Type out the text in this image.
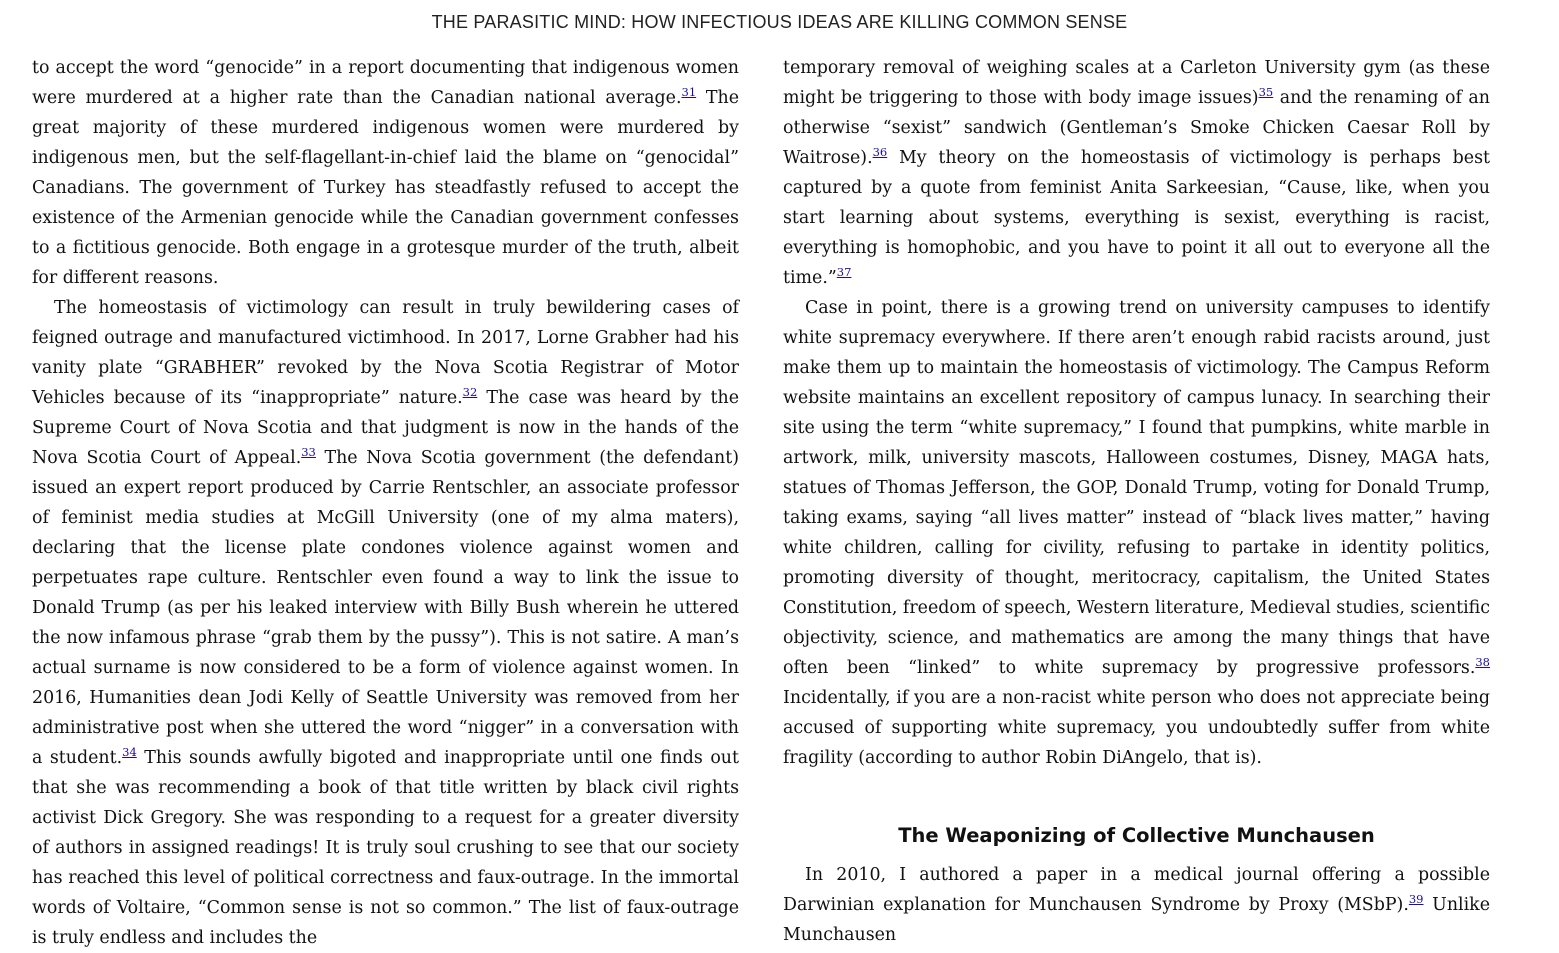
THE PARASITIC MIND: HOW INFECTIOUS IDEAS ARE KILLING COMMON SENSE

to accept the word “genocide” in a report documenting that indigenous women were murdered at a higher rate than the Canadian national average.$^{31}$ The great majority of these murdered indigenous women were murdered by indigenous men, but the self-flagellant-in-chief laid the blame on “genocidal” Canadians. The government of Turkey has steadfastly refused to accept the existence of the Armenian genocide while the Canadian government confesses to a fictitious genocide. Both engage in a grotesque murder of the truth, albeit for different reasons.

The homeostasis of victimology can result in truly bewildering cases of feigned outrage and manufactured victimhood. In 2017, Lorne Grabher had his vanity plate “GRABHER” revoked by the Nova Scotia Registrar of Motor Vehicles because of its “inappropriate” nature.$^{32}$ The case was heard by the Supreme Court of Nova Scotia and that judgment is now in the hands of the Nova Scotia Court of Appeal.$^{33}$ The Nova Scotia government (the defendant) issued an expert report produced by Carrie Rentschler, an associate professor of feminist media studies at McGill University (one of my alma maters), declaring that the license plate condones violence against women and perpetuates rape culture. Rentschler even found a way to link the issue to Donald Trump (as per his leaked interview with Billy Bush wherein he uttered the now infamous phrase “grab them by the pussy”). This is not satire. A man’s actual surname is now considered to be a form of violence against women. In 2016, Humanities dean Jodi Kelly of Seattle University was removed from her administrative post when she uttered the word “nigger” in a conversation with a student.$^{34}$ This sounds awfully bigoted and inappropriate until one finds out that she was recommending a book of that title written by black civil rights activist Dick Gregory. She was responding to a request for a greater diversity of authors in assigned readings! It is truly soul crushing to see that our society has reached this level of political correctness and faux-outrage. In the immortal words of Voltaire, “Common sense is not so common.” The list of faux-outrage is truly endless and includes the

temporary removal of weighing scales at a Carleton University gym (as these might be triggering to those with body image issues)$^{35}$ and the renaming of an otherwise “sexist” sandwich (Gentleman’s Smoke Chicken Caesar Roll by Waitrose).$^{36}$ My theory on the homeostasis of victimology is perhaps best captured by a quote from feminist Anita Sarkeesian, “Cause, like, when you start learning about systems, everything is sexist, everything is racist, everything is homophobic, and you have to point it all out to everyone all the time.”$^{37}$

Case in point, there is a growing trend on university campuses to identify white supremacy everywhere. If there aren’t enough rabid racists around, just make them up to maintain the homeostasis of victimology. The Campus Reform website maintains an excellent repository of campus lunacy. In searching their site using the term “white supremacy,” I found that pumpkins, white marble in artwork, milk, university mascots, Halloween costumes, Disney, MAGA hats, statues of Thomas Jefferson, the GOP, Donald Trump, voting for Donald Trump, taking exams, saying “all lives matter” instead of “black lives matter,” having white children, calling for civility, refusing to partake in identity politics, promoting diversity of thought, meritocracy, capitalism, the United States Constitution, freedom of speech, Western literature, Medieval studies, scientific objectivity, science, and mathematics are among the many things that have often been “linked” to white supremacy by progressive professors.$^{38}$ Incidentally, if you are a non-racist white person who does not appreciate being accused of supporting white supremacy, you undoubtedly suffer from white fragility (according to author Robin DiAngelo, that is).

The Weaponizing of Collective Munchausen

In 2010, I authored a paper in a medical journal offering a possible Darwinian explanation for Munchausen Syndrome by Proxy (MSbP).$^{39}$ Unlike Munchausen
